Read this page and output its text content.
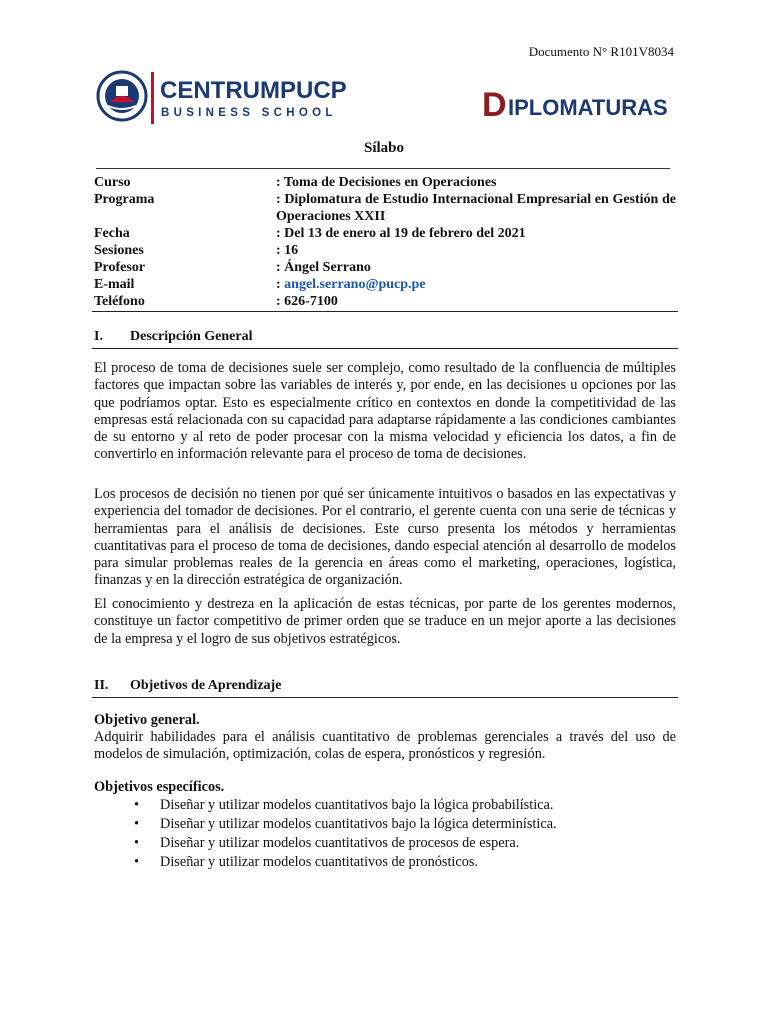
Documento N° R101V8034
CENTRUMPUCP
BUSINESS SCHOOL	D IPLOMATURAS
Sílabo
Curso	: Toma de Decisiones en Operaciones
Programa	: Diplomatura de Estudio Internacional Empresarial en Gestión de Operaciones XXII
Fecha	: Del 13 de enero al 19 de febrero del 2021
Sesiones	: 16
Profesor	: Ángel Serrano
E-mail	: angel.serrano@pucp.pe
Teléfono	: 626-7100
I. Descripción General

El proceso de toma de decisiones suele ser complejo, como resultado de la confluencia de múltiples factores que impactan sobre las variables de interés y, por ende, en las decisiones u opciones por las que podríamos optar. Esto es especialmente crítico en contextos en donde la competitividad de las empresas está relacionada con su capacidad para adaptarse rápidamente a las condiciones cambiantes de su entorno y al reto de poder procesar con la misma velocidad y eficiencia los datos, a fin de convertirlo en información relevante para el proceso de toma de decisiones.

Los procesos de decisión no tienen por qué ser únicamente intuitivos o basados en las expectativas y experiencia del tomador de decisiones. Por el contrario, el gerente cuenta con una serie de técnicas y herramientas para el análisis de decisiones. Este curso presenta los métodos y herramientas cuantitativas para el proceso de toma de decisiones, dando especial atención al desarrollo de modelos para simular problemas reales de la gerencia en áreas como el marketing, operaciones, logística, finanzas y en la dirección estratégica de organización.

El conocimiento y destreza en la aplicación de estas técnicas, por parte de los gerentes modernos, constituye un factor competitivo de primer orden que se traduce en un mejor aporte a las decisiones de la empresa y el logro de sus objetivos estratégicos.

II. Objetivos de Aprendizaje
Objetivo general.

Adquirir habilidades para el análisis cuantitativo de problemas gerenciales a través del uso de modelos de simulación, optimización, colas de espera, pronósticos y regresión.

Objetivos específicos.
• Diseñar y utilizar modelos cuantitativos bajo la lógica probabilística.
• Diseñar y utilizar modelos cuantitativos bajo la lógica determinística.
• Diseñar y utilizar modelos cuantitativos de procesos de espera.
• Diseñar y utilizar modelos cuantitativos de pronósticos.
